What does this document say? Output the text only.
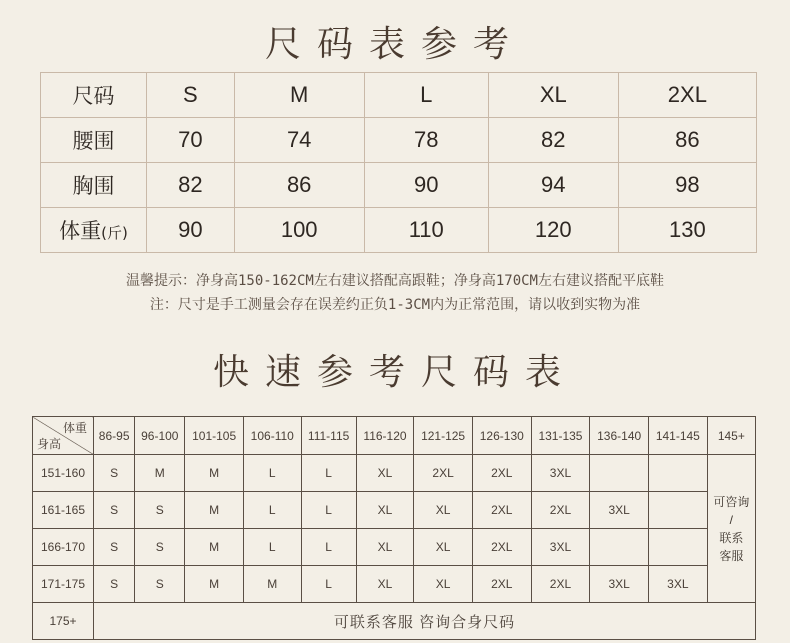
尺码表参考
尺码	S	M	L	XL	2XL
腰围	70	74	78	82	86
胸围	82	86	90	94	98
体重(斤)	90	100	110	120	130
温馨提示：净身高150-162CM左右建议搭配高跟鞋；净身高170CM左右建议搭配平底鞋
注：尺寸是手工测量会存在误差约正负1-3CM内为正常范围，请以收到实物为准
快速参考尺码表
体重
身高	86-95	96-100	101-105	106-110	111-115	116-120	121-125	126-130	131-135	136-140	141-145	145+
151-160	S	M	M	L	L	XL	2XL	2XL	3XL			可咨询
/
联系
客服
161-165	S	S	M	L	L	XL	XL	2XL	2XL	3XL		
166-170	S	S	M	L	L	XL	XL	2XL	3XL			
171-175	S	S	M	M	L	XL	XL	2XL	2XL	3XL	3XL	
175+	可联系客服 咨询合身尺码											
